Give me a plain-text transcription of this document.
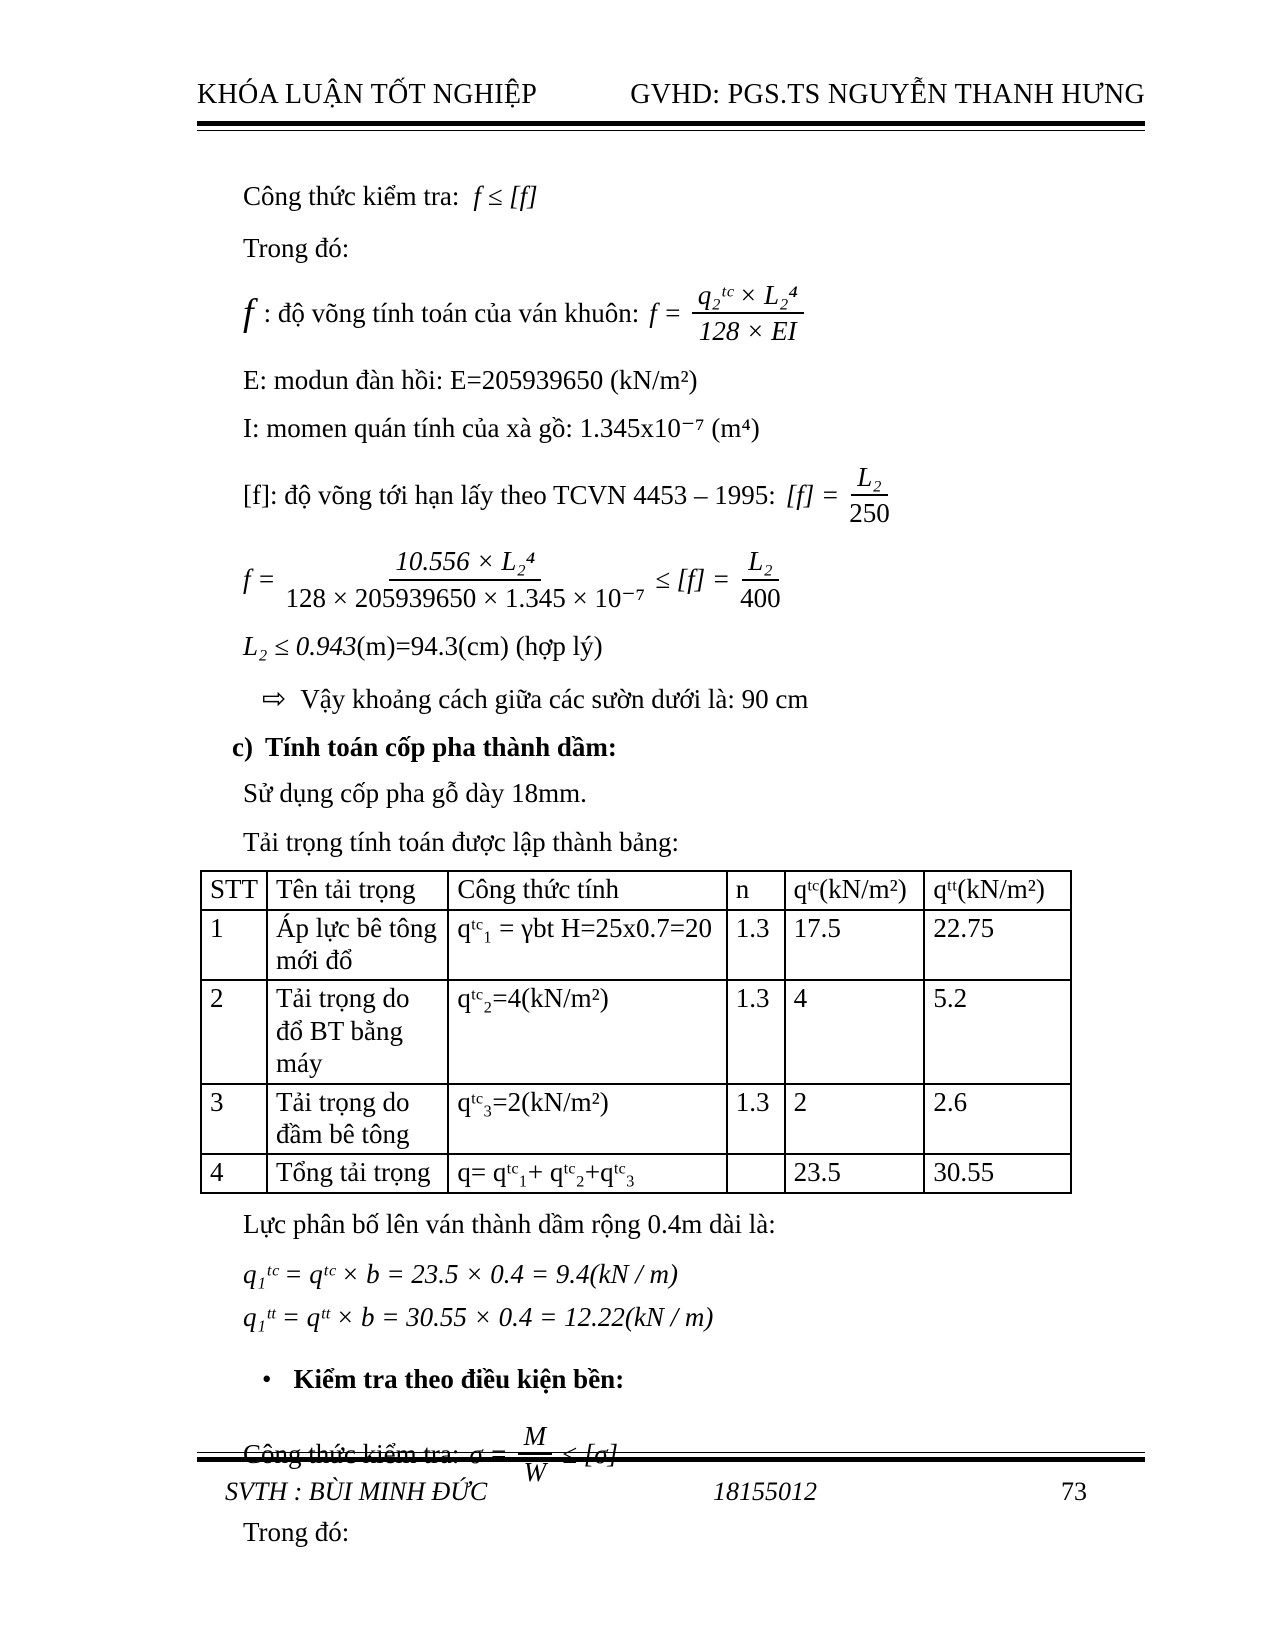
KHÓA LUẬN TỐT NGHIỆP	GVHD: PGS.TS NGUYỄN THANH HƯNG

Công thức kiểm tra: f ≤ [f]

Trong đó:

f : độ võng tính toán của ván khuôn: $f = \frac{\text{q₂ᵗᶜ × L₂⁴}}{128 \times EI}$

E: modun đàn hồi: E=205939650 (kN/m²)

I: momen quán tính của xà gồ: 1.345x10⁻⁷ (m⁴)

[f]: độ võng tới hạn lấy theo TCVN 4453 – 1995: $[f] = \frac{\text{L₂}}{250}$
$f = \frac{\text{10.556 × L₂⁴}}{\text{128 × 205939650 × 1.345 × 10⁻⁷}} \le [f] = \frac{\text{L₂}}{400}$

L₂ ≤ 0.943(m)=94.3(cm) (hợp lý)

⇨ Vậy khoảng cách giữa các sườn dưới là: 90 cm

c) Tính toán cốp pha thành dầm:

Sử dụng cốp pha gỗ dày 18mm.

Tải trọng tính toán được lập thành bảng:

STT	Tên tải trọng	Công thức tính	n	qᵗᶜ(kN/m²)	qᵗᵗ(kN/m²)
1	Áp lực bê tông mới đổ	qᵗᶜ₁ = γbt H=25x0.7=20	1.3	17.5	22.75
2	Tải trọng do đổ BT bằng máy	qᵗᶜ₂=4(kN/m²)	1.3	4	5.2
3	Tải trọng do đầm bê tông	qᵗᶜ₃=2(kN/m²)	1.3	2	2.6
4	Tổng tải trọng	q= qᵗᶜ₁+ qᵗᶜ₂+qᵗᶜ₃		23.5	30.55

Lực phân bố lên ván thành dầm rộng 0.4m dài là:

q₁ᵗᶜ = qᵗᶜ × b = 23.5 × 0.4 = 9.4(kN / m)

q₁ᵗᵗ = qᵗᵗ × b = 30.55 × 0.4 = 12.22(kN / m)

• Kiểm tra theo điều kiện bền:
Công thức kiểm tra: $\sigma = \frac{M}{W} \le [\sigma]$

Trong đó:

SVTH : BÙI MINH ĐỨC	18155012	73
